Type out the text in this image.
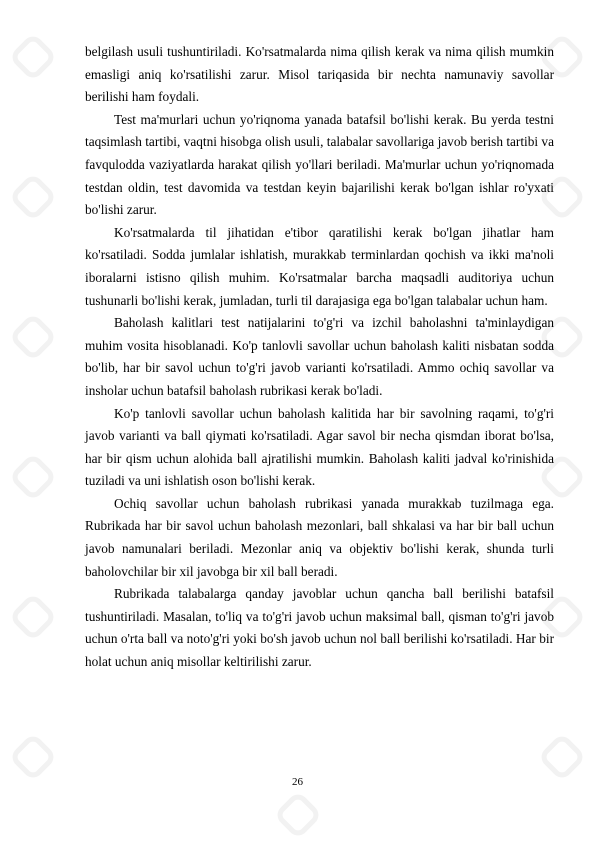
belgilash usuli tushuntiriladi. Ko'rsatmalarda nima qilish kerak va nima qilish mumkin emasligi aniq ko'rsatilishi zarur. Misol tariqasida bir nechta namunaviy savollar berilishi ham foydali.

Test ma'murlari uchun yo'riqnoma yanada batafsil bo'lishi kerak. Bu yerda testni taqsimlash tartibi, vaqtni hisobga olish usuli, talabalar savollariga javob berish tartibi va favqulodda vaziyatlarda harakat qilish yo'llari beriladi. Ma'murlar uchun yo'riqnomada testdan oldin, test davomida va testdan keyin bajarilishi kerak bo'lgan ishlar ro'yxati bo'lishi zarur.

Ko'rsatmalarda til jihatidan e'tibor qaratilishi kerak bo'lgan jihatlar ham ko'rsatiladi. Sodda jumlalar ishlatish, murakkab terminlardan qochish va ikki ma'noli iboralarni istisno qilish muhim. Ko'rsatmalar barcha maqsadli auditoriya uchun tushunarli bo'lishi kerak, jumladan, turli til darajasiga ega bo'lgan talabalar uchun ham.

Baholash kalitlari test natijalarini to'g'ri va izchil baholashni ta'minlaydigan muhim vosita hisoblanadi. Ko'p tanlovli savollar uchun baholash kaliti nisbatan sodda bo'lib, har bir savol uchun to'g'ri javob varianti ko'rsatiladi. Ammo ochiq savollar va insholar uchun batafsil baholash rubrikasi kerak bo'ladi.

Ko'p tanlovli savollar uchun baholash kalitida har bir savolning raqami, to'g'ri javob varianti va ball qiymati ko'rsatiladi. Agar savol bir necha qismdan iborat bo'lsa, har bir qism uchun alohida ball ajratilishi mumkin. Baholash kaliti jadval ko'rinishida tuziladi va uni ishlatish oson bo'lishi kerak.

Ochiq savollar uchun baholash rubrikasi yanada murakkab tuzilmaga ega. Rubrikada har bir savol uchun baholash mezonlari, ball shkalasi va har bir ball uchun javob namunalari beriladi. Mezonlar aniq va objektiv bo'lishi kerak, shunda turli baholovchilar bir xil javobga bir xil ball beradi.

Rubrikada talabalarga qanday javoblar uchun qancha ball berilishi batafsil tushuntiriladi. Masalan, to'liq va to'g'ri javob uchun maksimal ball, qisman to'g'ri javob uchun o'rta ball va noto'g'ri yoki bo'sh javob uchun nol ball berilishi ko'rsatiladi. Har bir holat uchun aniq misollar keltirilishi zarur.

26
